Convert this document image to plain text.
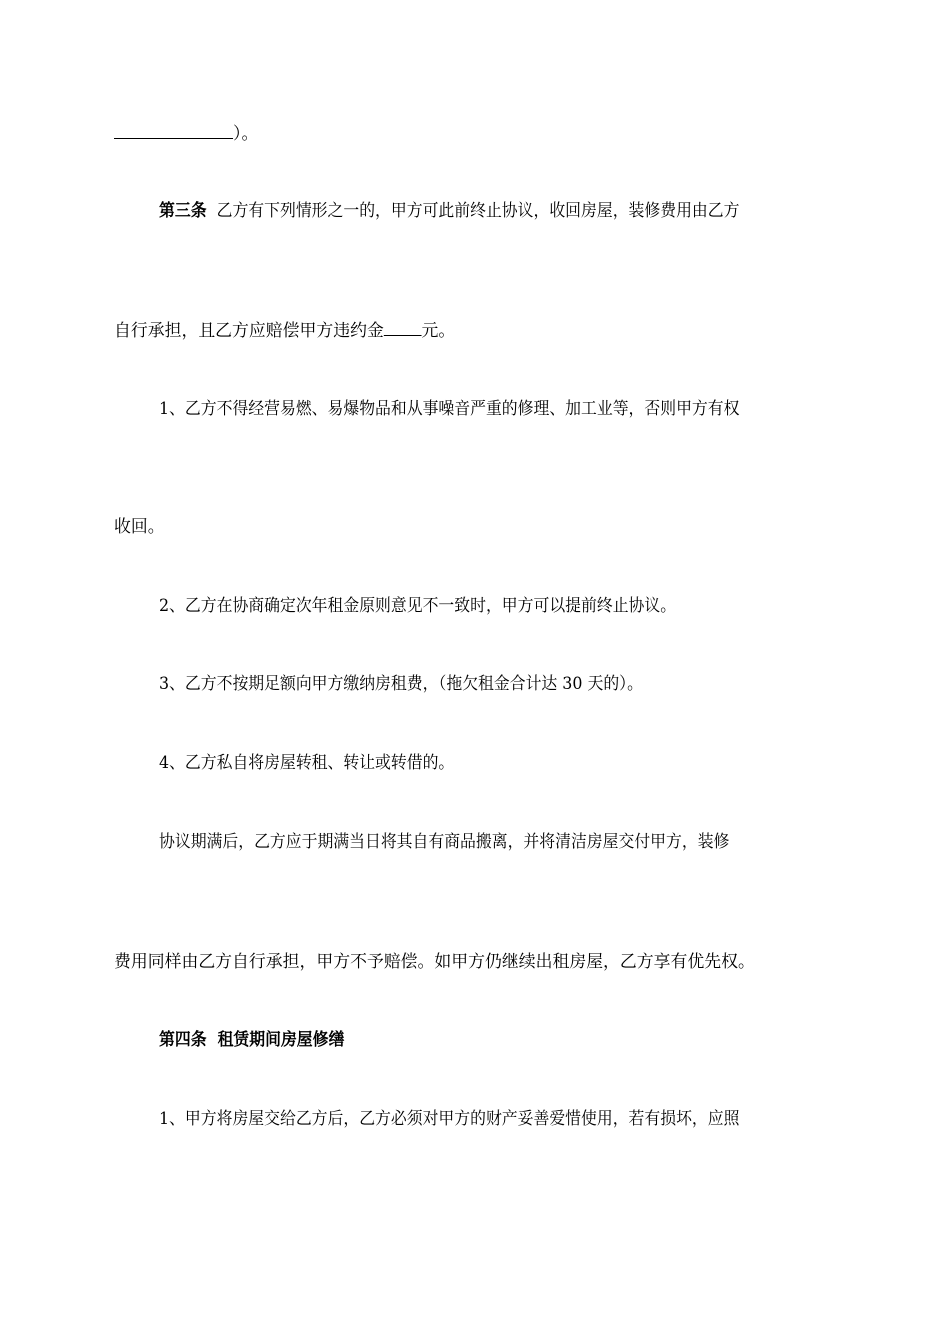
）。
第三条 乙方有下列情形之一的，甲方可此前终止协议，收回房屋，装修费用由乙方
自行承担，且乙方应赔偿甲方违约金 元。
1、乙方不得经营易燃、易爆物品和从事噪音严重的修理、加工业等，否则甲方有权
收回。
2、乙方在协商确定次年租金原则意见不一致时，甲方可以提前终止协议。
3、乙方不按期足额向甲方缴纳房租费，（拖欠租金合计达 30 天的）。
4、乙方私自将房屋转租、转让或转借的。
协议期满后，乙方应于期满当日将其自有商品搬离，并将清洁房屋交付甲方，装修
费用同样由乙方自行承担，甲方不予赔偿。如甲方仍继续出租房屋，乙方享有优先权。
第四条 租赁期间房屋修缮
1、甲方将房屋交给乙方后，乙方必须对甲方的财产妥善爱惜使用，若有损坏，应照
